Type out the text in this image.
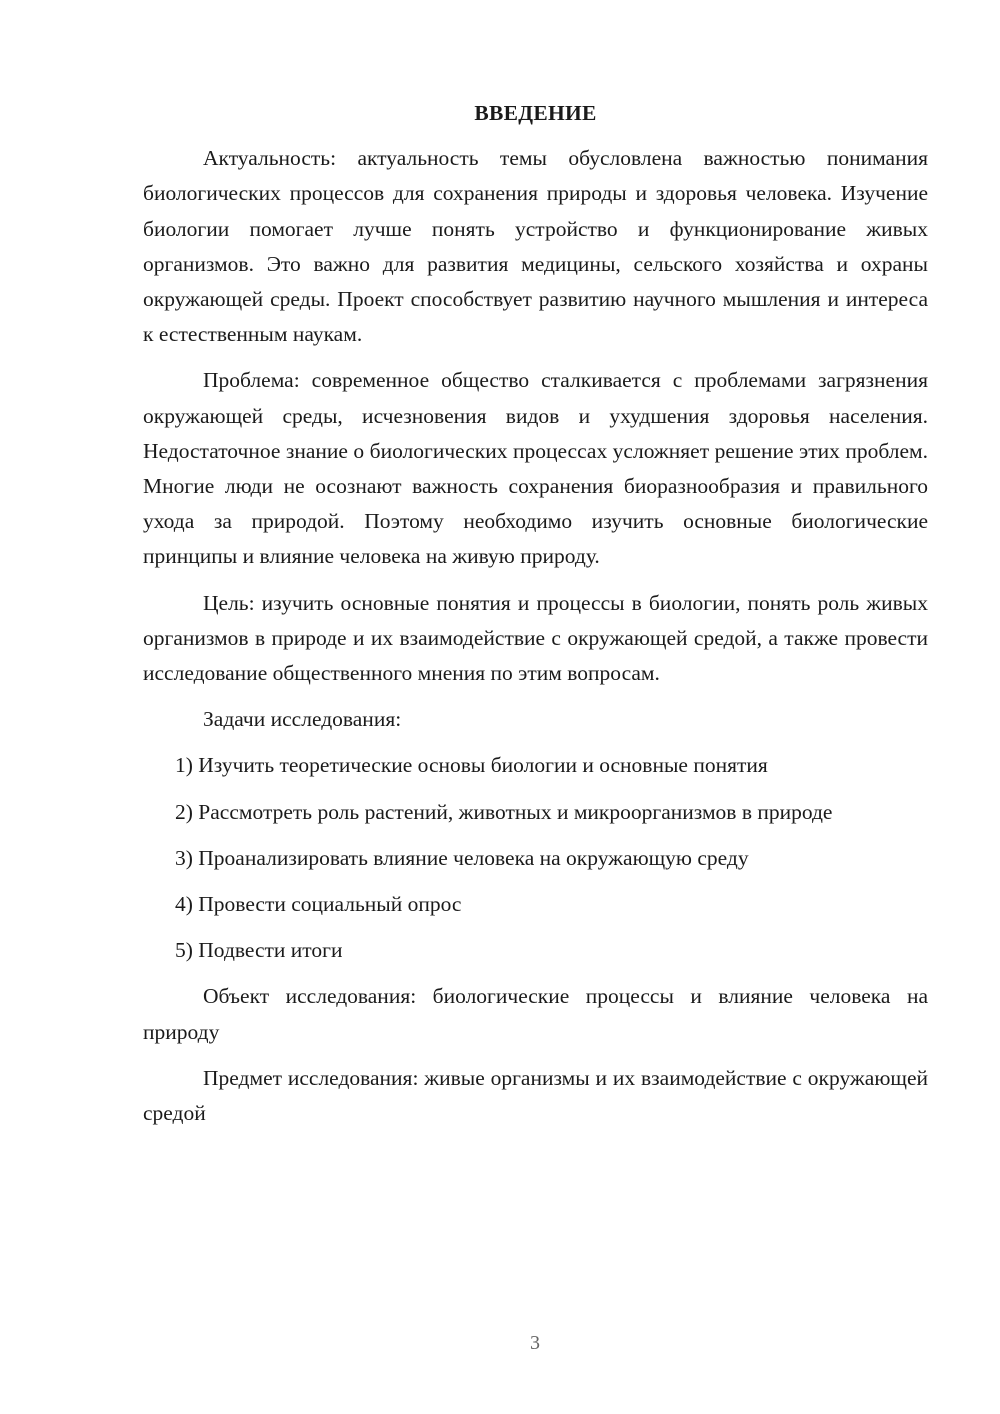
ВВЕДЕНИЕ

Актуальность: актуальность темы обусловлена важностью понимания биологических процессов для сохранения природы и здоровья человека. Изучение биологии помогает лучше понять устройство и функционирование живых организмов. Это важно для развития медицины, сельского хозяйства и охраны окружающей среды. Проект способствует развитию научного мышления и интереса к естественным наукам.

Проблема: современное общество сталкивается с проблемами загрязнения окружающей среды, исчезновения видов и ухудшения здоровья населения. Недостаточное знание о биологических процессах усложняет решение этих проблем. Многие люди не осознают важность сохранения биоразнообразия и правильного ухода за природой. Поэтому необходимо изучить основные биологические принципы и влияние человека на живую природу.

Цель: изучить основные понятия и процессы в биологии, понять роль живых организмов в природе и их взаимодействие с окружающей средой, а также провести исследование общественного мнения по этим вопросам.

Задачи исследования:

1) Изучить теоретические основы биологии и основные понятия

2) Рассмотреть роль растений, животных и микроорганизмов в природе

3) Проанализировать влияние человека на окружающую среду

4) Провести социальный опрос

5) Подвести итоги

Объект исследования: биологические процессы и влияние человека на природу

Предмет исследования: живые организмы и их взаимодействие с окружающей средой

3
